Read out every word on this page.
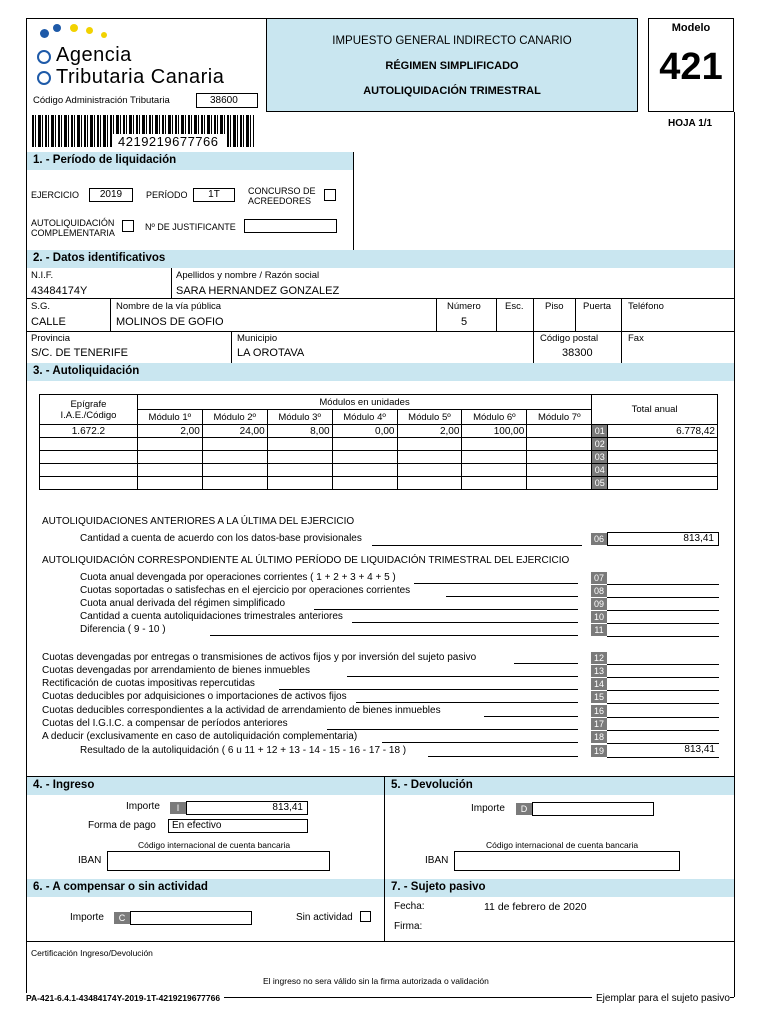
Agencia
Tributaria Canaria
Código Administración Tributaria	38600
IMPUESTO GENERAL INDIRECTO CANARIO
RÉGIMEN SIMPLIFICADO
AUTOLIQUIDACIÓN TRIMESTRAL
Modelo
421
HOJA 1/1
4219219677766
1. - Período de liquidación
EJERCICIO	2019	PERÍODO	1T	CONCURSO DE
ACREEDORES
AUTOLIQUIDACIÓN
COMPLEMENTARIA
Nº DE JUSTIFICANTE
2. - Datos identificativos
N.I.F.
43484174Y
Apellidos y nombre / Razón social
SARA HERNANDEZ GONZALEZ
S.G.
CALLE
Nombre de la vía pública
MOLINOS DE GOFIO
Número
5
Esc. Piso Puerta Teléfono
Provincia
S/C. DE TENERIFE
Municipio
LA OROTAVA
Código postal
38300
Fax
3. - Autoliquidación
Epígrafe
I.A.E./Código	Módulos en unidades							Total anual	
	Módulo 1º	Módulo 2º	Módulo 3º	Módulo 4º	Módulo 5º	Módulo 6º	Módulo 7º		
1.672.2	2,00	24,00	8,00	0,00	2,00	100,00		01	6.778,42
								02	
								03	
								04	
								05	
AUTOLIQUIDACIONES ANTERIORES A LA ÚLTIMA DEL EJERCICIO
Cantidad a cuenta de acuerdo con los datos-base provisionales	06	813,41
AUTOLIQUIDACIÓN CORRESPONDIENTE AL ÚLTIMO PERÍODO DE LIQUIDACIÓN TRIMESTRAL DEL EJERCICIO
Cuota anual devengada por operaciones corrientes ( 1 + 2 + 3 + 4 + 5 )	07
Cuotas soportadas o satisfechas en el ejercicio por operaciones corrientes	08
Cuota anual derivada del régimen simplificado	09
Cantidad a cuenta autoliquidaciones trimestrales anteriores	10
Diferencia ( 9 - 10 )	11
Cuotas devengadas por entregas o transmisiones de activos fijos y por inversión del sujeto pasivo	12
Cuotas devengadas por arrendamiento de bienes inmuebles	13
Rectificación de cuotas impositivas repercutidas	14
Cuotas deducibles por adquisiciones o importaciones de activos fijos	15
Cuotas deducibles correspondientes a la actividad de arrendamiento de bienes inmuebles	16
Cuotas del I.G.I.C. a compensar de períodos anteriores	17
A deducir (exclusivamente en caso de autoliquidación complementaria)	18
Resultado de la autoliquidación ( 6 u 11 + 12 + 13 - 14 - 15 - 16 - 17 - 18 )	19	813,41
4. - Ingreso
Importe	I	813,41
Forma de pago	En efectivo
Código internacional de cuenta bancaria
IBAN
5. - Devolución
Importe	D
Código internacional de cuenta bancaria
IBAN
6. - A compensar o sin actividad
Importe	C	Sin actividad
7. - Sujeto pasivo
Fecha:	11 de febrero de 2020
Firma:
Certificación Ingreso/Devolución
El ingreso no sera válido sin la firma autorizada o validación
PA-421-6.4.1-43484174Y-2019-1T-4219219677766	Ejemplar para el sujeto pasivo
